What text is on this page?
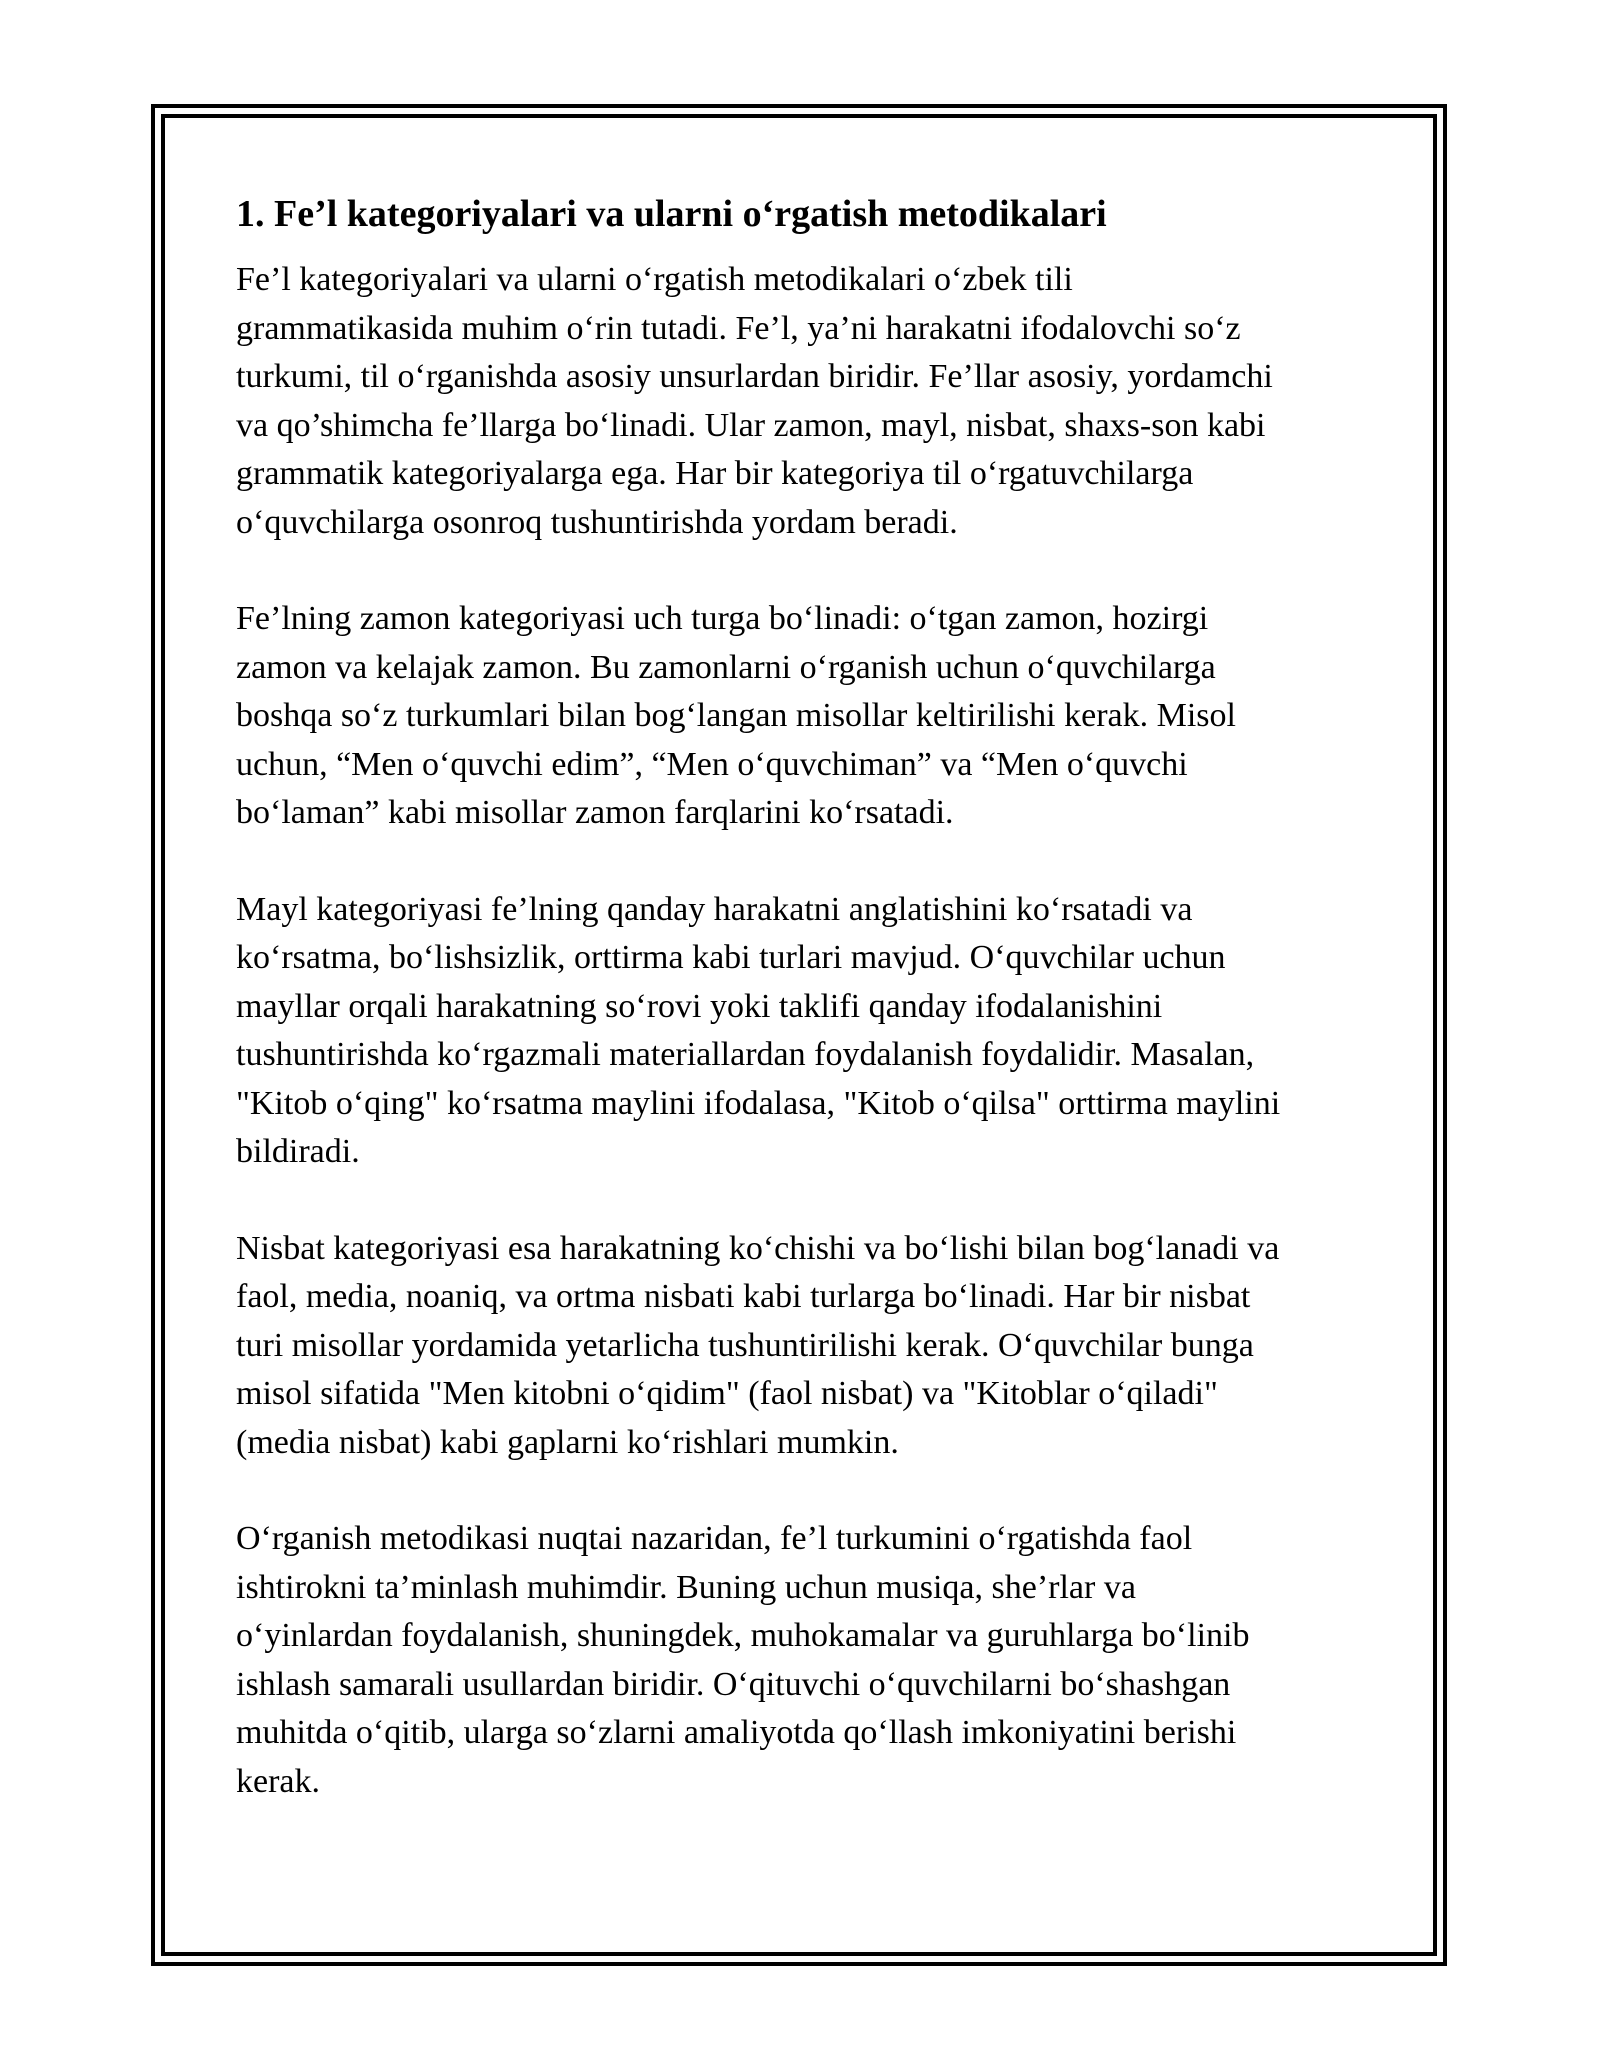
1. Fe’l kategoriyalari va ularni o‘rgatish metodikalari

Fe’l kategoriyalari va ularni o‘rgatish metodikalari o‘zbek tili
grammatikasida muhim o‘rin tutadi. Fe’l, ya’ni harakatni ifodalovchi so‘z
turkumi, til o‘rganishda asosiy unsurlardan biridir. Fe’llar asosiy, yordamchi
va qo’shimcha fe’llarga bo‘linadi. Ular zamon, mayl, nisbat, shaxs-son kabi
grammatik kategoriyalarga ega. Har bir kategoriya til o‘rgatuvchilarga
o‘quvchilarga osonroq tushuntirishda yordam beradi.

Fe’lning zamon kategoriyasi uch turga bo‘linadi: o‘tgan zamon, hozirgi
zamon va kelajak zamon. Bu zamonlarni o‘rganish uchun o‘quvchilarga
boshqa so‘z turkumlari bilan bog‘langan misollar keltirilishi kerak. Misol
uchun, “Men o‘quvchi edim”, “Men o‘quvchiman” va “Men o‘quvchi
bo‘laman” kabi misollar zamon farqlarini ko‘rsatadi.

Mayl kategoriyasi fe’lning qanday harakatni anglatishini ko‘rsatadi va
ko‘rsatma, bo‘lishsizlik, orttirma kabi turlari mavjud. O‘quvchilar uchun
mayllar orqali harakatning so‘rovi yoki taklifi qanday ifodalanishini
tushuntirishda ko‘rgazmali materiallardan foydalanish foydalidir. Masalan,
"Kitob o‘qing" ko‘rsatma maylini ifodalasa, "Kitob o‘qilsa" orttirma maylini
bildiradi.

Nisbat kategoriyasi esa harakatning ko‘chishi va bo‘lishi bilan bog‘lanadi va
faol, media, noaniq, va ortma nisbati kabi turlarga bo‘linadi. Har bir nisbat
turi misollar yordamida yetarlicha tushuntirilishi kerak. O‘quvchilar bunga
misol sifatida "Men kitobni o‘qidim" (faol nisbat) va "Kitoblar o‘qiladi"
(media nisbat) kabi gaplarni ko‘rishlari mumkin.

O‘rganish metodikasi nuqtai nazaridan, fe’l turkumini o‘rgatishda faol
ishtirokni ta’minlash muhimdir. Buning uchun musiqa, she’rlar va
o‘yinlardan foydalanish, shuningdek, muhokamalar va guruhlarga bo‘linib
ishlash samarali usullardan biridir. O‘qituvchi o‘quvchilarni bo‘shashgan
muhitda o‘qitib, ularga so‘zlarni amaliyotda qo‘llash imkoniyatini berishi
kerak.
